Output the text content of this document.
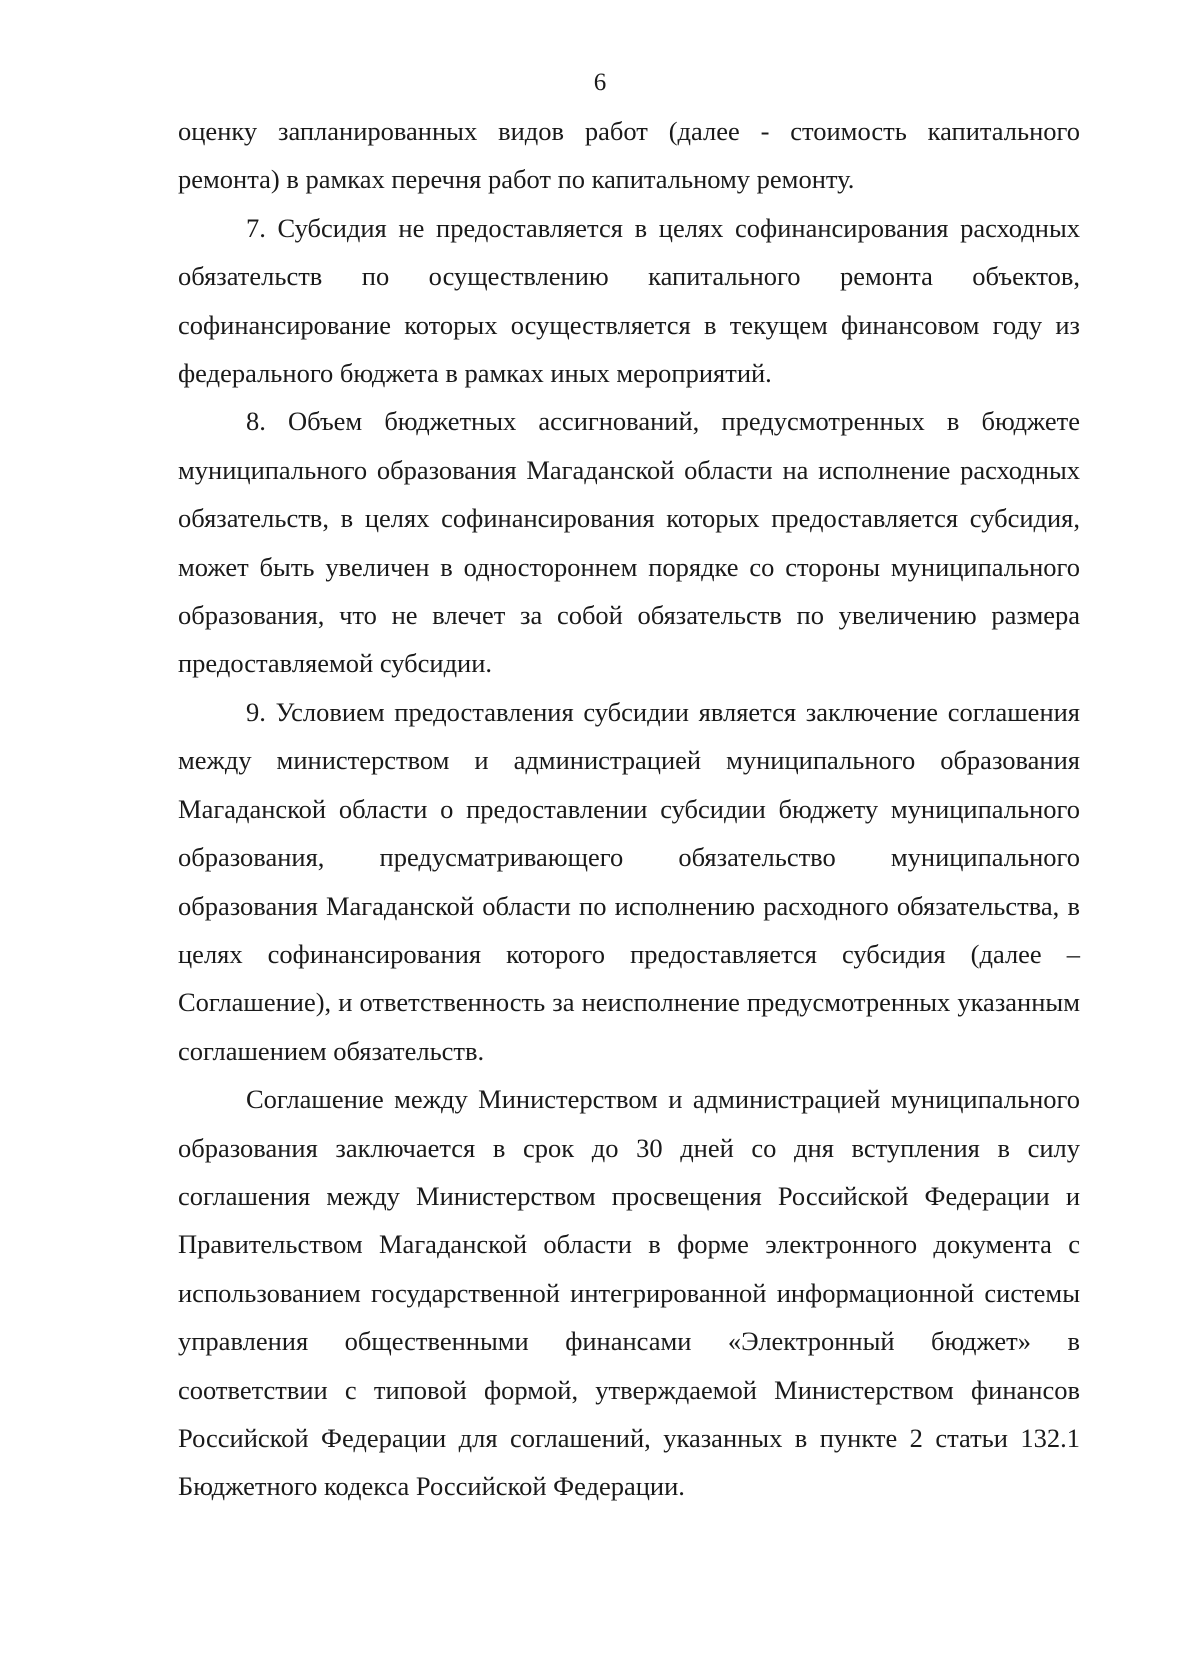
6

оценку запланированных видов работ (далее - стоимость капитального ремонта) в рамках перечня работ по капитальному ремонту.

7. Субсидия не предоставляется в целях софинансирования расходных обязательств по осуществлению капитального ремонта объектов, софинансирование которых осуществляется в текущем финансовом году из федерального бюджета в рамках иных мероприятий.

8. Объем бюджетных ассигнований, предусмотренных в бюджете муниципального образования Магаданской области на исполнение расходных обязательств, в целях софинансирования которых предоставляется субсидия, может быть увеличен в одностороннем порядке со стороны муниципального образования, что не влечет за собой обязательств по увеличению размера предоставляемой субсидии.

9. Условием предоставления субсидии является заключение соглашения между министерством и администрацией муниципального образования Магаданской области о предоставлении субсидии бюджету муниципального образования, предусматривающего обязательство муниципального образования Магаданской области по исполнению расходного обязательства, в целях софинансирования которого предоставляется субсидия (далее – Соглашение), и ответственность за неисполнение предусмотренных указанным соглашением обязательств.

Соглашение между Министерством и администрацией муниципального образования заключается в срок до 30 дней со дня вступления в силу соглашения между Министерством просвещения Российской Федерации и Правительством Магаданской области в форме электронного документа с использованием государственной интегрированной информационной системы управления общественными финансами «Электронный бюджет» в соответствии с типовой формой, утверждаемой Министерством финансов Российской Федерации для соглашений, указанных в пункте 2 статьи 132.1 Бюджетного кодекса Российской Федерации.
